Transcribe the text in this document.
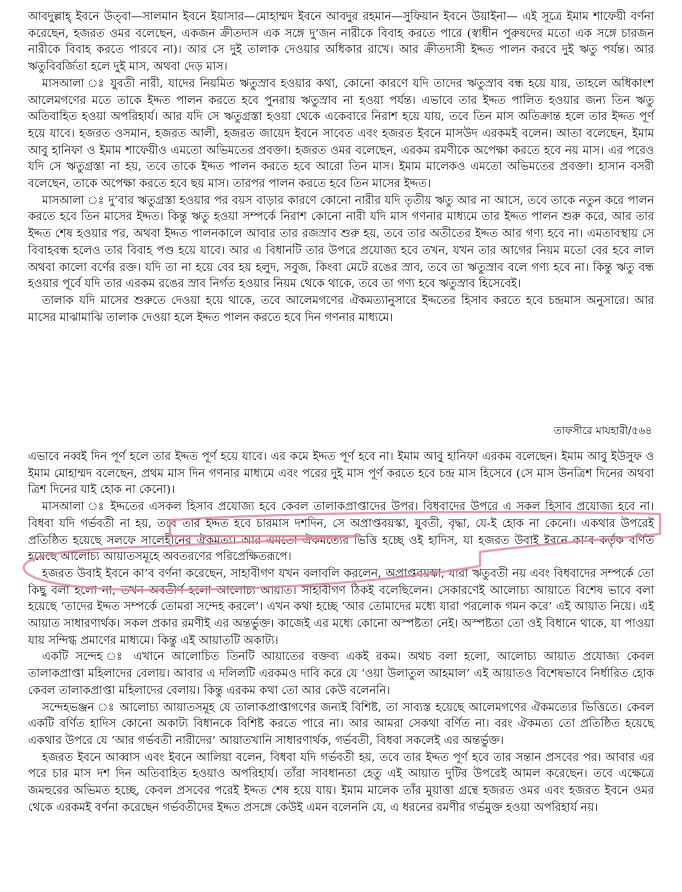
আবদুল্লাহ্ ইবনে উত্‌বা—সালমান ইবনে ইয়াসার—মোহাম্মদ ইবনে আবদুর রহমান—সুফিয়ান ইবনে উয়াইনা— এই সূত্রে ইমাম শাফেয়ী বর্ণনা করেছেন, হজরত ওমর বলেছেন, একজন ক্রীতদাস এক সঙ্গে দু’জন নারীকে বিবাহ করতে পারে (স্বাধীন পুরুষদের মতো এক সঙ্গে চারজন নারীকে বিবাহ করতে পারবে না)। আর সে দুই তালাক দেওয়ার অধিকার রাখে। আর ক্রীতদাসী ইদ্দত পালন করবে দুই ঋতু পর্যন্ত। আর ঋতুবিবর্জিতা হলে দুই মাস, অথবা দেড় মাস।

মাসআলা ঃ যুবতী নারী, যাদের নিয়মিত ঋতুস্রাব হওয়ার কথা, কোনো কারণে যদি তাদের ঋতুস্রাব বন্ধ হয়ে যায়, তাহলে অধিকাংশ আলেমগণের মতে তাকে ইদ্দত পালন করতে হবে পুনরায় ঋতুস্রাব না হওয়া পর্যন্ত। এভাবে তার ইদ্দত পালিত হওয়ার জন্য তিন ঋতু অতিবাহিত হওয়া অপরিহার্য। আর যদি সে ঋতুগ্রস্তা হওয়া থেকে একেবারে নিরাশ হয়ে যায়, তবে তিন মাস অতিক্রান্ত হলে তার ইদ্দত পূর্ণ হয়ে যাবে। হজরত ওসমান, হজরত আলী, হজরত জায়েদ ইবনে সাবেত এবং হজরত ইবনে মাসউদ এরকমই বলেন। আতা বলেছেন, ইমাম আবু হানিফা ও ইমাম শাফেয়ীও এমতো অভিমতের প্রবক্তা। হজরত ওমর বলেছেন, এরকম রমণীকে অপেক্ষা করতে হবে নয় মাস। এর পরেও যদি সে ঋতুগ্রস্তা না হয়, তবে তাকে ইদ্দত পালন করতে হবে আরো তিন মাস। ইমাম মালেকও এমতো অভিমতের প্রবক্তা। হাসান বসরী বলেছেন, তাকে অপেক্ষা করতে হবে ছয় মাস। তারপর পালন করতে হবে তিন মাসের ইদ্দত।

মাসআলা ঃ দু’বার ঋতুগ্রস্তা হওয়ার পর বয়স বাড়ার কারণে কোনো নারীর যদি তৃতীয় ঋতু আর না আসে, তবে তাকে নতুন করে পালন করতে হবে তিন মাসের ইদ্দত। কিন্তু ঋতু হওয়া সম্পর্কে নিরাশ কোনো নারী যদি মাস গণনার মাধ্যমে তার ইদ্দত পালন শুরু করে, আর তার ইদ্দত শেষ হওয়ার পর, অথবা ইদ্দত পালনকালে আবার তার রজস্রাব শুরু হয়, তবে তার অতীতের ইদ্দত আর গণ্য হবে না। এমতাবস্থায় সে বিবাহবন্ধ হলেও তার বিবাহ পণ্ড হয়ে যাবে। আর এ বিধানটি তার উপরে প্রযোজ্য হবে তখন, যখন তার আগের নিয়ম মতো বের হবে লাল অথবা কালো বর্ণের রক্ত। যদি তা না হয়ে বের হয় হলুদ, সবুজ, কিংবা মেটে রঙের স্রাব, তবে তা ঋতুস্রাব বলে গণ্য হবে না। কিন্তু ঋতু বন্ধ হওয়ার পূর্বে যদি তার এরকম রঙের স্রাব নির্গত হওয়ার নিয়ম থেকে থাকে, তবে তা গণ্য হবে ঋতুস্রাব হিসেবেই।

তালাক যদি মাসের শুরুতে দেওয়া হয়ে থাকে, তবে আলেমগণের ঐকমত্যানুসারে ইদ্দতের হিসাব করতে হবে চন্দ্রমাস অনুসারে। আর মাসের মাঝামাঝি তালাক দেওয়া হলে ইদ্দত পালন করতে হবে দিন গণনার মাধ্যমে।

তাফসীরে মাযহারী/৫৬৪

এভাবে নব্বই দিন পূর্ণ হলে তার ইদ্দত পূর্ণ হয়ে যাবে। এর কমে ইদ্দত পূর্ণ হবে না। ইমাম আবু হানিফা এরকম বলেছেন। ইমাম আবু ইউসুফ ও ইমাম মোহাম্মদ বলেছেন, প্রথম মাস দিন গণনার মাধ্যমে এবং পরের দুই মাস পূর্ণ করতে হবে চন্দ্র মাস হিসেবে (সে মাস উনত্রিশ দিনের অথবা ত্রিশ দিনের যাই হোক না কেনো)।

মাসআলা ঃ ইদ্দতের এসকল হিসাব প্রযোজ্য হবে কেবল তালাকপ্রাপ্তাদের উপর। বিধবাদের উপরে এ সকল হিসাব প্রযোজ্য হবে না। বিধবা যদি গর্ভবতী না হয়, তবে তার ইদ্দত হবে চারমাস দশদিন, সে অপ্রাপ্তবয়স্কা, যুবতী, বৃদ্ধা, যে-ই হোক না কেনো। একথার উপরেই প্রতিষ্ঠিত হয়েছে সলফে সালেহীনের ঐকমত্য। আর এমতো ঐকমত্যের ভিত্তি হচ্ছে ওই হাদিস, যা হজরত উবাই ইবনে কা’ব কর্তৃক বর্ণিত হয়েছে আলোচ্য আয়াতসমূহে অবতরণের পরিপ্রেক্ষিতরূপে।

হজরত উবাই ইবনে কা’ব বর্ণনা করেছেন, সাহাবীগণ যখন বলাবলি করলেন, অপ্রাপ্তবয়স্কা, যারা ঋতুবতী নয় এবং বিধবাদের সম্পর্কে তো কিছু বলা হলো না, তখন অবতীর্ণ হলো আলোচ্য আয়াত। সাহাবীগণ ঠিকই বলেছিলেন। সেকারণেই আলোচ্য আয়াতে বিশেষ ভাবে বলা হয়েছে ‘তাদের ইদ্দত সম্পর্কে তোমরা সন্দেহ করলে’। এখন কথা হচ্ছে ‘আর তোমাদের মধ্যে যারা পরলোক গমন করে’ এই আয়াত নিয়ে। এই আয়াত সাধারণার্থক। সকল প্রকার রমণীই এর অন্তর্ভুক্ত। কাজেই এর মধ্যে কোনো অস্পষ্টতা নেই। অস্পষ্টতা তো ওই বিধানে থাকে, যা পাওয়া যায় সন্দিগ্ধ প্রমাণের মাধ্যমে। কিন্তু এই আয়াতটি অকাট্য।

একটি সন্দেহ ঃ এখানে আলোচিত তিনটি আয়াতের বক্তব্য একই রকম। অথচ বলা হলো, আলোচ্য আয়াত প্রযোজ্য কেবল তালাকপ্রাপ্তা মহিলাদের বেলায়। আবার এ দলিলটি এরকমও দাবি করে যে ‘ওয়া উলাতুল আহমাল’ এই আয়াতও বিশেষভাবে নির্ধারিত হোক কেবল তালাকপ্রাপ্তা মহিলাদের বেলায়। কিন্তু এরকম কথা তো আর কেউ বলেননি।

সন্দেহভঞ্জন ঃ আলোচ্য আয়াতসমূহ যে তালাকপ্রাপ্তাগণের জন্যই বিশিষ্ট, তা সাব্যস্ত হয়েছে আলেমগণের ঐকমত্যের ভিত্তিতে। কেবল একটি বর্ণিত হাদিস কোনো অকাট্য বিধানকে বিশিষ্ট করতে পারে না। আর আমরা সেকথা বর্ণিত না। বরং ঐকমত্য তো প্রতিষ্ঠিত হয়েছে একথার উপরে যে ‘আর গর্ভবতী নারীদের’ আয়াতখানি সাধারণার্থক, গর্ভবতী, বিধবা সকলেই এর অন্তর্ভুক্ত।

হজরত ইবনে আব্বাস এবং ইবনে আলিয়া বলেন, বিধবা যদি গর্ভবতী হয়, তবে তার ইদ্দত পূর্ণ হবে তার সন্তান প্রসবের পর। আবার এর পরে চার মাস দশ দিন অতিবাহিত হওয়াও অপরিহার্য। তাঁরা সাবধানতা হেতু এই আয়াত দুটির উপরেই আমল করেছেন। তবে এক্ষেত্রে জমহুরের অভিমত হচ্ছে, কেবল প্রসবের পরেই ইদ্দত শেষ হয়ে যায়। ইমাম মালেক তাঁর মুয়াত্তা গ্রন্থে হজরত ওমর এবং হজরত ইবনে ওমর থেকে এরকমই বর্ণনা করেছেন গর্ভবতীদের ইদ্দত প্রসঙ্গে কেউই এমন বলেননি যে, এ ধরনের রমণীর গর্ভমুক্ত হওয়া অপরিহার্য নয়।
